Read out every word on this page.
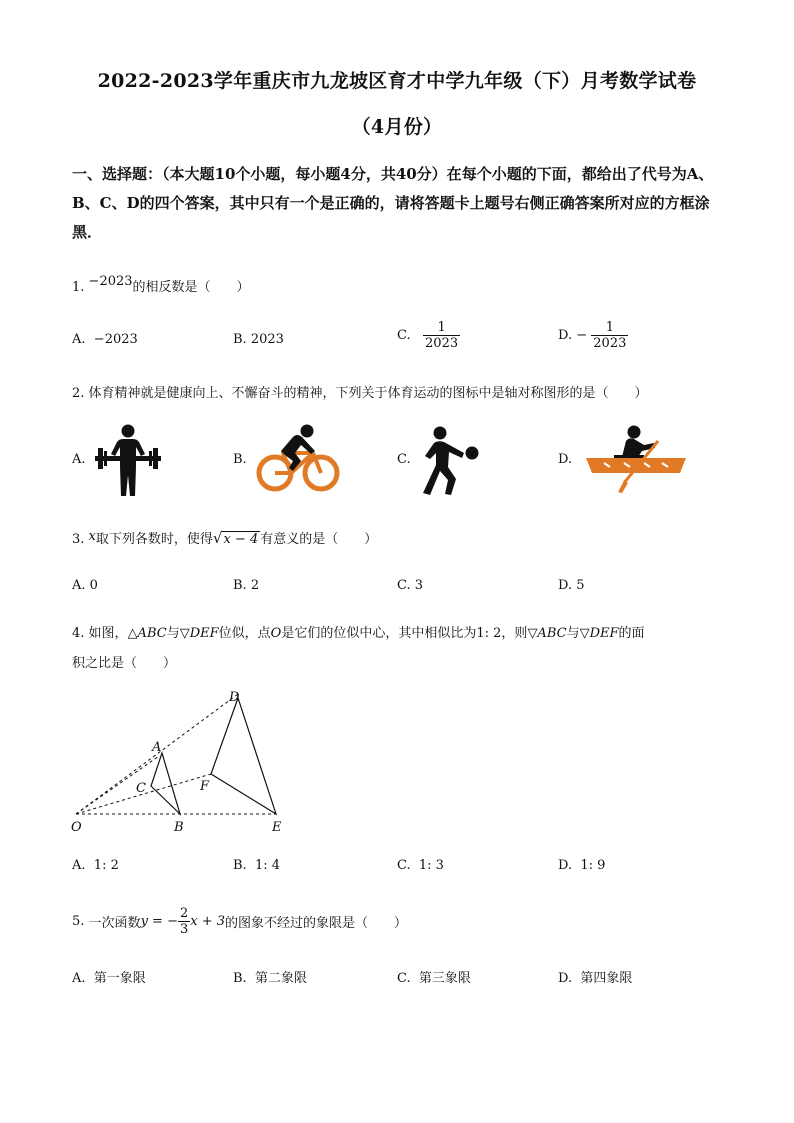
2022-2023学年重庆市九龙坡区育才中学九年级（下）月考数学试卷
（4月份）
一、选择题：（本大题10个小题，每小题4分，共40分）在每个小题的下面，都给出了代号为A、B、C、D的四个答案，其中只有一个是正确的，请将答题卡上题号右侧正确答案所对应的方框涂黑．
1. −2023的相反数是（　　）
A. −2023	B. 2023	C. $\frac{1}{2023}$	D. − $\frac{1}{2023}$
2. 体育精神就是健康向上、不懈奋斗的精神，下列关于体育运动的图标中是轴对称图形的是（　　）
A.	B.	C.	D.
3. x取下列各数时，使得√x − 4 有意义的是（　　）
A. 0	B. 2	C. 3	D. 5
4. 如图，△ABC与▽DEF位似，点O是它们的位似中心，其中相似比为1: 2，则▽ABC与▽DEF的面
积之比是（　　）
D
A
C	F
O	B	E
A. 1: 2	B. 1: 4	C. 1: 3	D. 1: 9
5. 一次函数y = − $\frac{2}{3}$ x + 3的图象不经过的象限是（　　）
A. 第一象限	B. 第二象限	C. 第三象限	D. 第四象限
